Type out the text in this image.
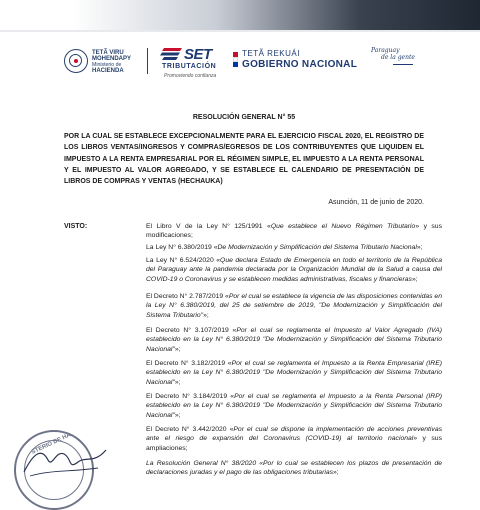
TETÃ VIRU
MOHENDAPY
Ministerio de
HACIENDA
SET
TRIBUTACIÓN
Promoviendo confianza
TETÃ REKUÁI
GOBIERNO NACIONAL
Paraguay
de la gente
RESOLUCIÓN GENERAL N° 55
POR LA CUAL SE ESTABLECE EXCEPCIONALMENTE PARA EL EJERCICIO FISCAL 2020, EL REGISTRO DE LOS LIBROS VENTAS/INGRESOS Y COMPRAS/EGRESOS DE LOS CONTRIBUYENTES QUE LIQUIDEN EL IMPUESTO A LA RENTA EMPRESARIAL POR EL RÉGIMEN SIMPLE, EL IMPUESTO A LA RENTA PERSONAL Y EL IMPUESTO AL VALOR AGREGADO, Y SE ESTABLECE EL CALENDARIO DE PRESENTACIÓN DE LIBROS DE COMPRAS Y VENTAS (HECHAUKA)
Asunción, 11 de junio de 2020.
VISTO:	El Libro V de la Ley N° 125/1991 «Que establece el Nuevo Régimen Tributario» y sus modificaciones;
La Ley N° 6.380/2019 «De Modernización y Simplificación del Sistema Tributario Nacional»;
La Ley N° 6.524/2020 «Que declara Estado de Emergencia en todo el territorio de la República del Paraguay ante la pandemia declarada por la Organización Mundial de la Salud a causa del COVID-19 o Coronavirus y se establecen medidas administrativas, fiscales y financieras»;
El Decreto N° 2.787/2019 «Por el cual se establece la vigencia de las disposiciones contenidas en la Ley N° 6.380/2019, del 25 de setiembre de 2019, "De Modernización y Simplificación del Sistema Tributario"»;
El Decreto N° 3.107/2019 «Por el cual se reglamenta el Impuesto al Valor Agregado (IVA) establecido en la Ley N° 6.380/2019 "De Modernización y Simplificación del Sistema Tributario Nacional"»;
El Decreto N° 3.182/2019 «Por el cual se reglamenta el Impuesto a la Renta Empresarial (IRE) establecido en la Ley N° 6.380/2019 "De Modernización y Simplificación del Sistema Tributario Nacional"»;
El Decreto N° 3.184/2019 «Por el cual se reglamenta el Impuesto a la Renta Personal (IRP) establecido en la Ley N° 6.380/2019 "De Modernización y Simplificación del Sistema Tributario Nacional"»;
El Decreto N° 3.442/2020 «Por el cual se dispone la implementación de acciones preventivas ante el riesgo de expansión del Coronavirus (COVID-19) al territorio nacional» y sus ampliaciones;
La Resolución General N° 38/2020 «Por lo cual se establecen los plazos de presentación de declaraciones juradas y el pago de las obligaciones tributarias»;
STERIO DE HA
